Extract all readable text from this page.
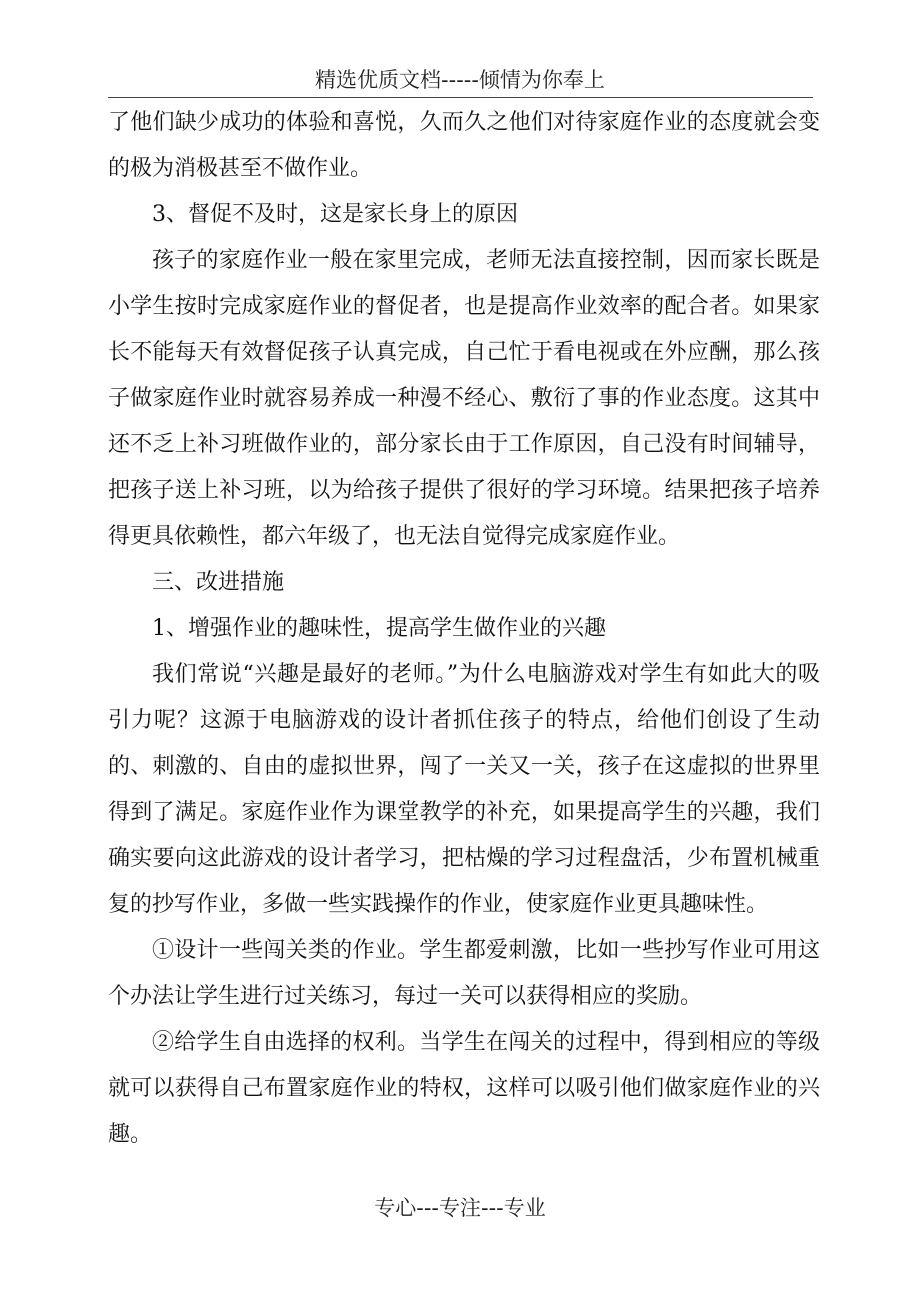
精选优质文档-----倾情为你奉上

了他们缺少成功的体验和喜悦，久而久之他们对待家庭作业的态度就会变的极为消极甚至不做作业。

3、督促不及时，这是家长身上的原因

孩子的家庭作业一般在家里完成，老师无法直接控制，因而家长既是小学生按时完成家庭作业的督促者，也是提高作业效率的配合者。如果家长不能每天有效督促孩子认真完成，自己忙于看电视或在外应酬，那么孩子做家庭作业时就容易养成一种漫不经心、敷衍了事的作业态度。这其中还不乏上补习班做作业的，部分家长由于工作原因，自己没有时间辅导，把孩子送上补习班，以为给孩子提供了很好的学习环境。结果把孩子培养得更具依赖性，都六年级了，也无法自觉得完成家庭作业。

三、改进措施

1、增强作业的趣味性，提高学生做作业的兴趣

我们常说“兴趣是最好的老师。”为什么电脑游戏对学生有如此大的吸引力呢？这源于电脑游戏的设计者抓住孩子的特点，给他们创设了生动的、刺激的、自由的虚拟世界，闯了一关又一关，孩子在这虚拟的世界里得到了满足。家庭作业作为课堂教学的补充，如果提高学生的兴趣，我们确实要向这此游戏的设计者学习，把枯燥的学习过程盘活，少布置机械重复的抄写作业，多做一些实践操作的作业，使家庭作业更具趣味性。

①设计一些闯关类的作业。学生都爱刺激，比如一些抄写作业可用这个办法让学生进行过关练习，每过一关可以获得相应的奖励。

②给学生自由选择的权利。当学生在闯关的过程中，得到相应的等级就可以获得自己布置家庭作业的特权，这样可以吸引他们做家庭作业的兴趣。

专心---专注---专业
